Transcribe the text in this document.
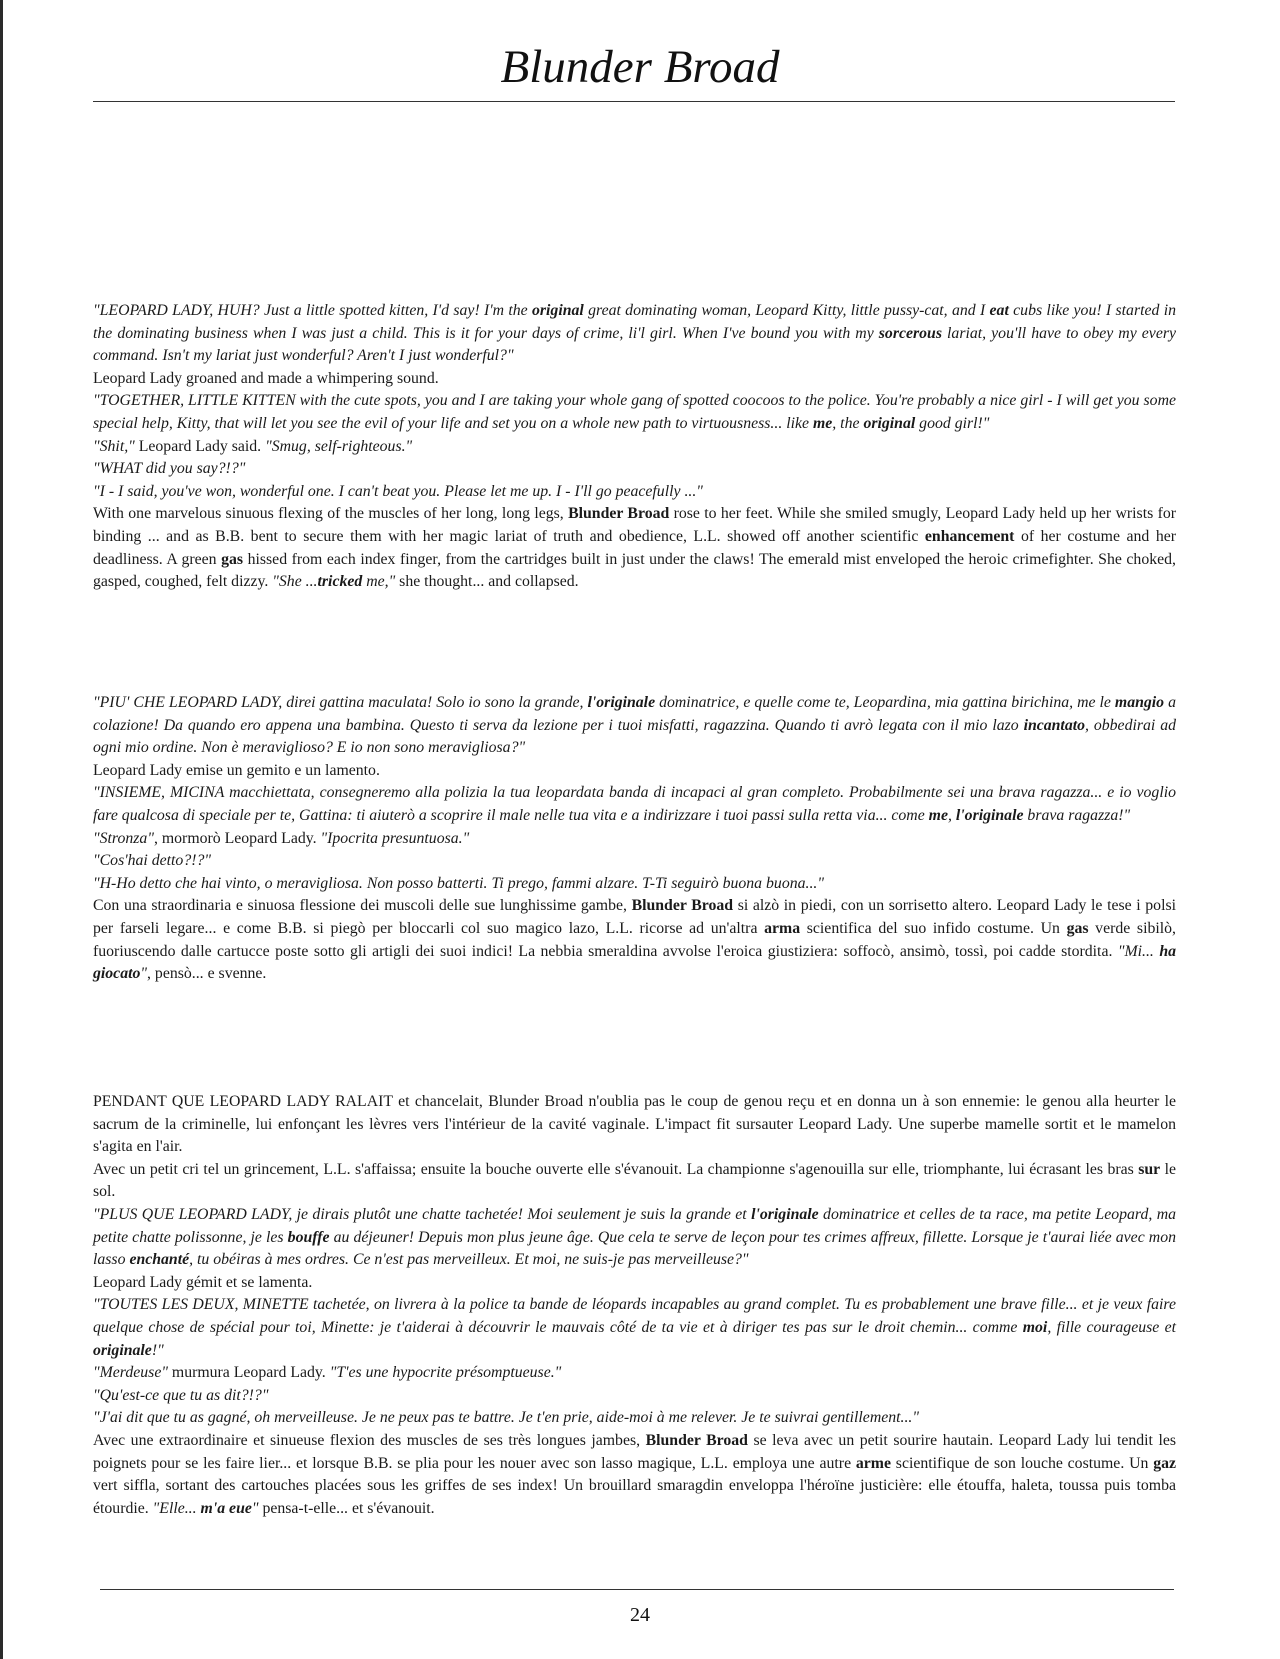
Blunder Broad

"LEOPARD LADY, HUH? Just a little spotted kitten, I'd say! I'm the original great dominating woman, Leopard Kitty, little pussy-cat, and I eat cubs like you! I started in the dominating business when I was just a child. This is it for your days of crime, li'l girl. When I've bound you with my sorcerous lariat, you'll have to obey my every command. Isn't my lariat just wonderful? Aren't I just wonderful?"

Leopard Lady groaned and made a whimpering sound.

"TOGETHER, LITTLE KITTEN with the cute spots, you and I are taking your whole gang of spotted coocoos to the police. You're probably a nice girl - I will get you some special help, Kitty, that will let you see the evil of your life and set you on a whole new path to virtuousness... like me, the original good girl!"

"Shit," Leopard Lady said. "Smug, self-righteous."

"WHAT did you say?!?"

"I - I said, you've won, wonderful one. I can't beat you. Please let me up. I - I'll go peacefully ..."

With one marvelous sinuous flexing of the muscles of her long, long legs, Blunder Broad rose to her feet. While she smiled smugly, Leopard Lady held up her wrists for binding ... and as B.B. bent to secure them with her magic lariat of truth and obedience, L.L. showed off another scientific enhancement of her costume and her deadliness. A green gas hissed from each index finger, from the cartridges built in just under the claws! The emerald mist enveloped the heroic crimefighter. She choked, gasped, coughed, felt dizzy. "She ...tricked me," she thought... and collapsed.

"PIU' CHE LEOPARD LADY, direi gattina maculata! Solo io sono la grande, l'originale dominatrice, e quelle come te, Leopardina, mia gattina birichina, me le mangio a colazione! Da quando ero appena una bambina. Questo ti serva da lezione per i tuoi misfatti, ragazzina. Quando ti avrò legata con il mio lazo incantato, obbedirai ad ogni mio ordine. Non è meraviglioso? E io non sono meravigliosa?"

Leopard Lady emise un gemito e un lamento.

"INSIEME, MICINA macchiettata, consegneremo alla polizia la tua leopardata banda di incapaci al gran completo. Probabilmente sei una brava ragazza... e io voglio fare qualcosa di speciale per te, Gattina: ti aiuterò a scoprire il male nelle tua vita e a indirizzare i tuoi passi sulla retta via... come me, l'originale brava ragazza!"

"Stronza", mormorò Leopard Lady. "Ipocrita presuntuosa."

"Cos'hai detto?!?"

"H-Ho detto che hai vinto, o meravigliosa. Non posso batterti. Ti prego, fammi alzare. T-Ti seguirò buona buona..."

Con una straordinaria e sinuosa flessione dei muscoli delle sue lunghissime gambe, Blunder Broad si alzò in piedi, con un sorrisetto altero. Leopard Lady le tese i polsi per farseli legare... e come B.B. si piegò per bloccarli col suo magico lazo, L.L. ricorse ad un'altra arma scientifica del suo infido costume. Un gas verde sibilò, fuoriuscendo dalle cartucce poste sotto gli artigli dei suoi indici! La nebbia smeraldina avvolse l'eroica giustiziera: soffocò, ansimò, tossì, poi cadde stordita. "Mi... ha giocato", pensò... e svenne.

PENDANT QUE LEOPARD LADY RALAIT et chancelait, Blunder Broad n'oublia pas le coup de genou reçu et en donna un à son ennemie: le genou alla heurter le sacrum de la criminelle, lui enfonçant les lèvres vers l'intérieur de la cavité vaginale. L'impact fit sursauter Leopard Lady. Une superbe mamelle sortit et le mamelon s'agita en l'air.

Avec un petit cri tel un grincement, L.L. s'affaissa; ensuite la bouche ouverte elle s'évanouit. La championne s'agenouilla sur elle, triomphante, lui écrasant les bras sur le sol.

"PLUS QUE LEOPARD LADY, je dirais plutôt une chatte tachetée! Moi seulement je suis la grande et l'originale dominatrice et celles de ta race, ma petite Leopard, ma petite chatte polissonne, je les bouffe au déjeuner! Depuis mon plus jeune âge. Que cela te serve de leçon pour tes crimes affreux, fillette. Lorsque je t'aurai liée avec mon lasso enchanté, tu obéiras à mes ordres. Ce n'est pas merveilleux. Et moi, ne suis-je pas merveilleuse?"

Leopard Lady gémit et se lamenta.

"TOUTES LES DEUX, MINETTE tachetée, on livrera à la police ta bande de léopards incapables au grand complet. Tu es probablement une brave fille... et je veux faire quelque chose de spécial pour toi, Minette: je t'aiderai à découvrir le mauvais côté de ta vie et à diriger tes pas sur le droit chemin... comme moi, fille courageuse et originale!"

"Merdeuse" murmura Leopard Lady. "T'es une hypocrite présomptueuse."

"Qu'est-ce que tu as dit?!?"

"J'ai dit que tu as gagné, oh merveilleuse. Je ne peux pas te battre. Je t'en prie, aide-moi à me relever. Je te suivrai gentillement..."

Avec une extraordinaire et sinueuse flexion des muscles de ses très longues jambes, Blunder Broad se leva avec un petit sourire hautain. Leopard Lady lui tendit les poignets pour se les faire lier... et lorsque B.B. se plia pour les nouer avec son lasso magique, L.L. employa une autre arme scientifique de son louche costume. Un gaz vert siffla, sortant des cartouches placées sous les griffes de ses index! Un brouillard smaragdin enveloppa l'héroïne justicière: elle étouffa, haleta, toussa puis tomba étourdie. "Elle... m'a eue" pensa-t-elle... et s'évanouit.

24
